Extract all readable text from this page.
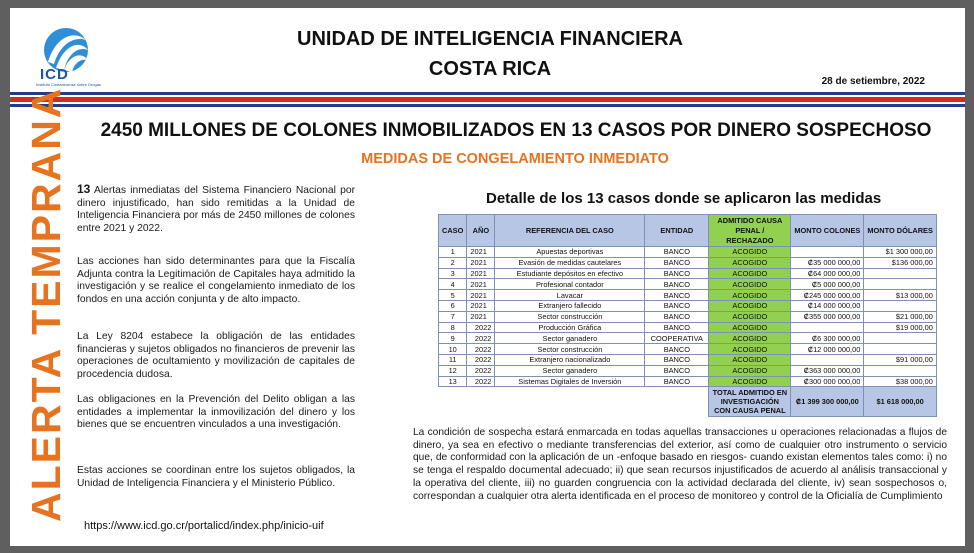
ICD
Instituto Costarricense sobre Drogas
UNIDAD DE INTELIGENCIA FINANCIERA
COSTA RICA
28 de setiembre, 2022
ALERTA TEMPRANA	2450 MILLONES DE COLONES INMOBILIZADOS EN 13 CASOS POR DINERO SOSPECHOSO
MEDIDAS DE CONGELAMIENTO INMEDIATO
13 Alertas inmediatas del Sistema Financiero Nacional por dinero injustificado, han sido remitidas a la Unidad de Inteligencia Financiera por más de 2450 millones de colones entre 2021 y 2022.
Las acciones han sido determinantes para que la Fiscalía Adjunta contra la Legitimación de Capitales haya admitido la investigación y se realice el congelamiento inmediato de los fondos en una acción conjunta y de alto impacto.
La Ley 8204 estabece la obligación de las entidades financieras y sujetos obligados no financieros de prevenir las operaciones de ocultamiento y movilización de capitales de procedencia dudosa.
Las obligaciones en la Prevención del Delito obligan a las entidades a implementar la inmovilización del dinero y los bienes que se encuentren vinculados a una investigación.
Estas acciones se coordinan entre los sujetos obligados, la Unidad de Inteligencia Financiera y el Ministerio Público.
https://www.icd.go.cr/portalicd/index.php/inicio-uif
Detalle de los 13 casos donde se aplicaron las medidas
CASO	AÑO	REFERENCIA DEL CASO	ENTIDAD	ADMITIDO CAUSA PENAL / RECHAZADO	MONTO COLONES	MONTO DÓLARES
1	2021	Apuestas deportivas	BANCO	ACOGIDO		$1 300 000,00
2	2021	Evasión de medidas cautelares	BANCO	ACOGIDO	₡35 000 000,00	$136 000,00
3	2021	Estudiante depósitos en efectivo	BANCO	ACOGIDO	₡64 000 000,00	
4	2021	Profesional contador	BANCO	ACOGIDO	₡5 000 000,00	
5	2021	Lavacar	BANCO	ACOGIDO	₡245 000 000,00	$13 000,00
6	2021	Extranjero fallecido	BANCO	ACOGIDO	₡14 000 000,00	
7	2021	Sector construcción	BANCO	ACOGIDO	₡355 000 000,00	$21 000,00
8	2022	Producción Gráfica	BANCO	ACOGIDO		$19 000,00
9	2022	Sector ganadero	COOPERATIVA	ACOGIDO	₡6 300 000,00	
10	2022	Sector construcción	BANCO	ACOGIDO	₡12 000 000,00	
11	2022	Extranjero nacionalizado	BANCO	ACOGIDO		$91 000,00
12	2022	Sector ganadero	BANCO	ACOGIDO	₡363 000 000,00	
13	2022	Sistemas Digitales de Inversión	BANCO	ACOGIDO	₡300 000 000,00	$38 000,00
				TOTAL ADMITIDO EN INVESTIGACIÓN CON CAUSA PENAL	₡1 399 300 000,00	$1 618 000,00
La condición de sospecha estará enmarcada en todas aquellas transacciones u operaciones relacionadas a flujos de dinero, ya sea en efectivo o mediante transferencias del exterior, así como de cualquier otro instrumento o servicio que, de conformidad con la aplicación de un -enfoque basado en riesgos- cuando existan elementos tales como: i) no se tenga el respaldo documental adecuado; ii) que sean recursos injustificados de acuerdo al análisis transaccional y la operativa del cliente, iii) no guarden congruencia con la actividad declarada del cliente, iv) sean sospechosos o, correspondan a cualquier otra alerta identificada en el proceso de monitoreo y control de la Oficialía de Cumplimiento
